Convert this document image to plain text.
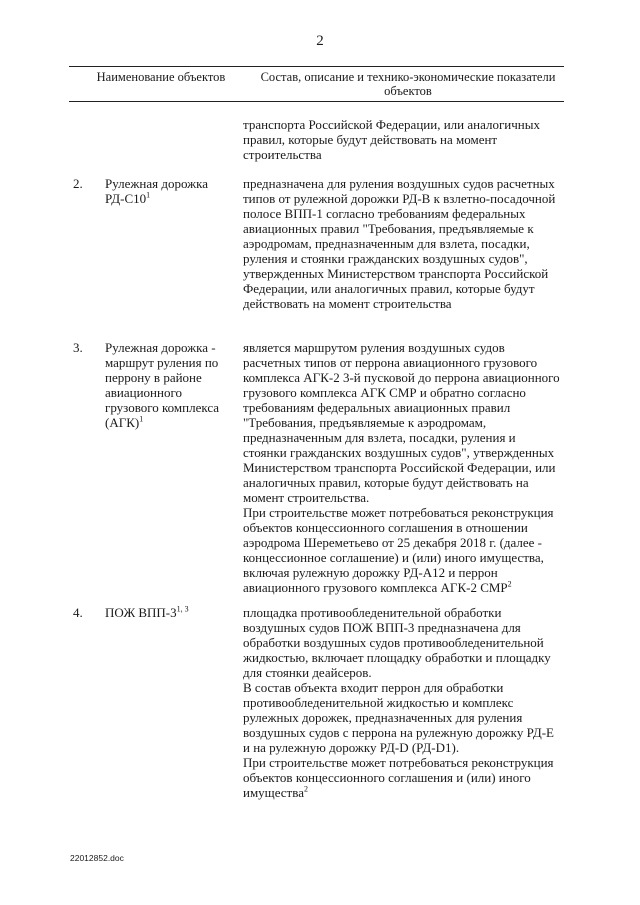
2
Наименование объектов	Состав, описание и технико-экономические показатели объектов
транспорта Российской Федерации, или аналогичных правил, которые будут действовать на момент строительства
2. Рулежная дорожка $РД-С10^1$

предназначена для руления воздушных судов расчетных типов от рулежной дорожки РД-В к взлетно-посадочной полосе ВПП-1 согласно требованиям федеральных авиационных правил "Требования, предъявляемые к аэродромам, предназначенным для взлета, посадки, руления и стоянки гражданских воздушных судов", утвержденных Министерством транспорта Российской Федерации, или аналогичных правил, которые будут действовать на момент строительства

3. Рулежная дорожка - маршрут руления по перрону в районе авиационного грузового комплекса (АГК)$^1$

является маршрутом руления воздушных судов расчетных типов от перрона авиационного грузового комплекса АГК-2 3-й пусковой до перрона авиационного грузового комплекса АГК СМР и обратно согласно требованиям федеральных авиационных правил "Требования, предъявляемые к аэродромам, предназначенным для взлета, посадки, руления и стоянки гражданских воздушных судов", утвержденных Министерством транспорта Российской Федерации, или аналогичных правил, которые будут действовать на момент строительства.

При строительстве может потребоваться реконструкция объектов концессионного соглашения в отношении аэродрома Шереметьево от 25 декабря 2018 г. (далее - концессионное соглашение) и (или) иного имущества, включая рулежную дорожку РД-А12 и перрон авиационного грузового комплекса АГК-2 СМР$^2$

4. ПОЖ ВПП-3$^{1, 3}$	площадка противообледенительной обработки воздушных судов ПОЖ ВПП-3 предназначена для обработки воздушных судов противообледенительной жидкостью, включает площадку обработки и площадку для стоянки деайсеров.

В состав объекта входит перрон для обработки противообледенительной жидкостью и комплекс рулежных дорожек, предназначенных для руления воздушных судов с перрона на рулежную дорожку РД-Е и на рулежную дорожку РД-D (РД-D1).

При строительстве может потребоваться реконструкция объектов концессионного соглашения и (или) иного имущества$^2$

22012852.doc
